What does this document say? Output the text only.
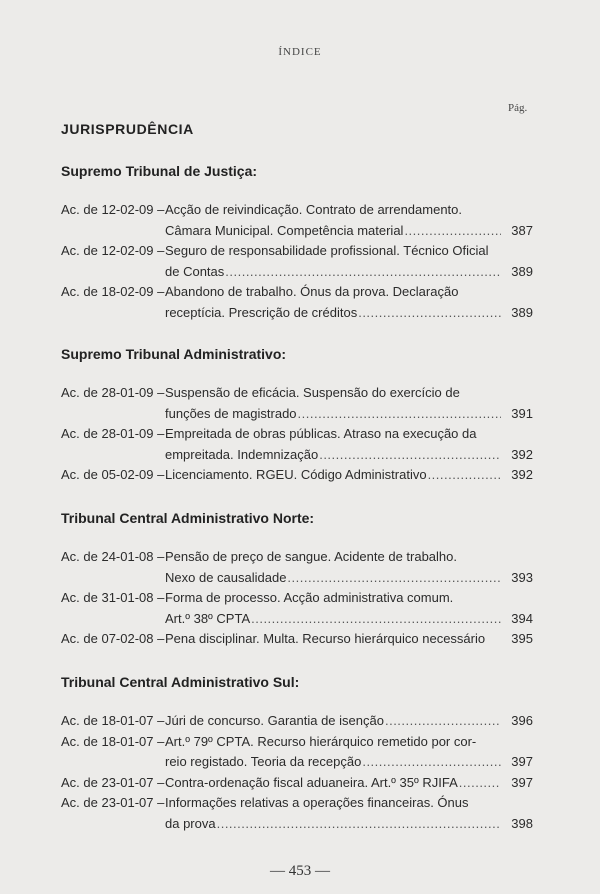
ÍNDICE
Pág.
JURISPRUDÊNCIA
Supremo Tribunal de Justiça:
Ac. de 12-02-09 – Acção de reivindicação. Contrato de arrendamento.
Câmara Municipal. Competência material .....	387
Ac. de 12-02-09 – Seguro de responsabilidade profissional. Técnico Oficial
de Contas .....	389
Ac. de 18-02-09 – Abandono de trabalho. Ónus da prova. Declaração
receptícia. Prescrição de créditos .....	389
Supremo Tribunal Administrativo:
Ac. de 28-01-09 – Suspensão de eficácia. Suspensão do exercício de
funções de magistrado .....	391
Ac. de 28-01-09 – Empreitada de obras públicas. Atraso na execução da
empreitada. Indemnização .....	392
Ac. de 05-02-09 – Licenciamento. RGEU. Código Administrativo .....	392
Tribunal Central Administrativo Norte:
Ac. de 24-01-08 – Pensão de preço de sangue. Acidente de trabalho.
Nexo de causalidade .....	393
Ac. de 31-01-08 – Forma de processo. Acção administrativa comum.
Art.º 38º CPTA .....	394
Ac. de 07-02-08 – Pena disciplinar. Multa. Recurso hierárquico necessário	395
Tribunal Central Administrativo Sul:
Ac. de 18-01-07 – Júri de concurso. Garantia de isenção .....	396
Ac. de 18-01-07 – Art.º 79º CPTA. Recurso hierárquico remetido por cor-
reio registado. Teoria da recepção .....	397
Ac. de 23-01-07 – Contra-ordenação fiscal aduaneira. Art.º 35º RJIFA .....	397
Ac. de 23-01-07 – Informações relativas a operações financeiras. Ónus
da prova .....	398
— 453 —
